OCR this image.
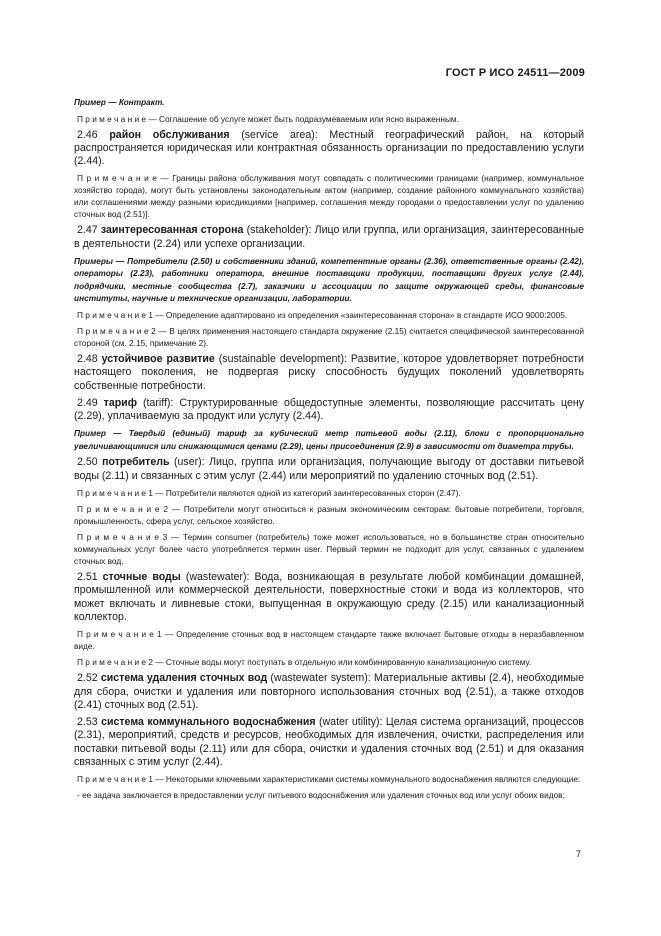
ГОСТ Р ИСО 24511—2009

Пример — Контракт.

П р и м е ч а н и е — Соглашение об услуге может быть подразумеваемым или ясно выраженным.

2.46 район обслуживания (service area): Местный географический район, на который распространяется юридическая или контрактная обязанность организации по предоставлению услуги (2.44).

П р и м е ч а н и е — Границы района обслуживания могут совпадать с политическими границами (например, коммунальное хозяйство города), могут быть установлены законодательным актом (например, создание районного коммунального хозяйства) или соглашениями между разными юрисдикциями [например, соглашения между городами о предоставлении услуг по удалению сточных вод (2.51)].

2.47 заинтересованная сторона (stakeholder): Лицо или группа, или организация, заинтересованные в деятельности (2.24) или успехе организации.

Примеры — Потребители (2.50) и собственники зданий, компетентные органы (2.36), ответственные органы (2.42), операторы (2.23), работники оператора, внешние поставщики продукции, поставщики других услуг (2.44), подрядчики, местные сообщества (2.7), заказчики и ассоциации по защите окружающей среды, финансовые институты, научные и технические организации, лаборатории.

П р и м е ч а н и е 1 — Определение адаптировано из определения «заинтересованная сторона» в стандарте ИСО 9000:2005.

П р и м е ч а н и е 2 — В целях применения настоящего стандарта окружение (2.15) считается специфической заинтересованной стороной (см. 2.15, примечание 2).

2.48 устойчивое развитие (sustainable development): Развитие, которое удовлетворяет потребности настоящего поколения, не подвергая риску способность будущих поколений удовлетворять собственные потребности.

2.49 тариф (tariff): Структурированные общедоступные элементы, позволяющие рассчитать цену (2.29), уплачиваемую за продукт или услугу (2.44).

Пример — Твердый (единый) тариф за кубический метр питьевой воды (2.11), блоки с пропорционально увеличивающимися или снижающимися ценами (2.29), цены присоединения (2.9) в зависимости от диаметра трубы.

2.50 потребитель (user): Лицо, группа или организация, получающие выгоду от доставки питьевой воды (2.11) и связанных с этим услуг (2.44) или мероприятий по удалению сточных вод (2.51).

П р и м е ч а н и е 1 — Потребители являются одной из категорий заинтересованных сторон (2.47).

П р и м е ч а н и е 2 — Потребители могут относиться к разным экономическим секторам: бытовые потребители, торговля, промышленность, сфера услуг, сельское хозяйство.

П р и м е ч а н и е 3 — Термин consumer (потребитель) тоже может использоваться, но в большинстве стран относительно коммунальных услуг более часто употребляется термин user. Первый термин не подходит для услуг, связанных с удалением сточных вод.

2.51 сточные воды (wastewater): Вода, возникающая в результате любой комбинации домашней, промышленной или коммерческой деятельности, поверхностные стоки и вода из коллекторов, что может включать и ливневые стоки, выпущенная в окружающую среду (2.15) или канализационный коллектор.

П р и м е ч а н и е 1 — Определение сточных вод в настоящем стандарте также включает бытовые отходы в неразбавленном виде.

П р и м е ч а н и е 2 — Сточные воды могут поступать в отдельную или комбинированную канализационную систему.

2.52 система удаления сточных вод (wastewater system): Материальные активы (2.4), необходимые для сбора, очистки и удаления или повторного использования сточных вод (2.51), а также отходов (2.41) сточных вод (2.51).

2.53 система коммунального водоснабжения (water utility): Целая система организаций, процессов (2.31), мероприятий, средств и ресурсов, необходимых для извлечения, очистки, распределения или поставки питьевой воды (2.11) или для сбора, очистки и удаления сточных вод (2.51) и для оказания связанных с этим услуг (2.44).

П р и м е ч а н и е 1 — Некоторыми ключевыми характеристиками системы коммунального водоснабжения являются следующие:

- ее задача заключается в предоставлении услуг питьевого водоснабжения или удаления сточных вод или услуг обоих видов;

7
